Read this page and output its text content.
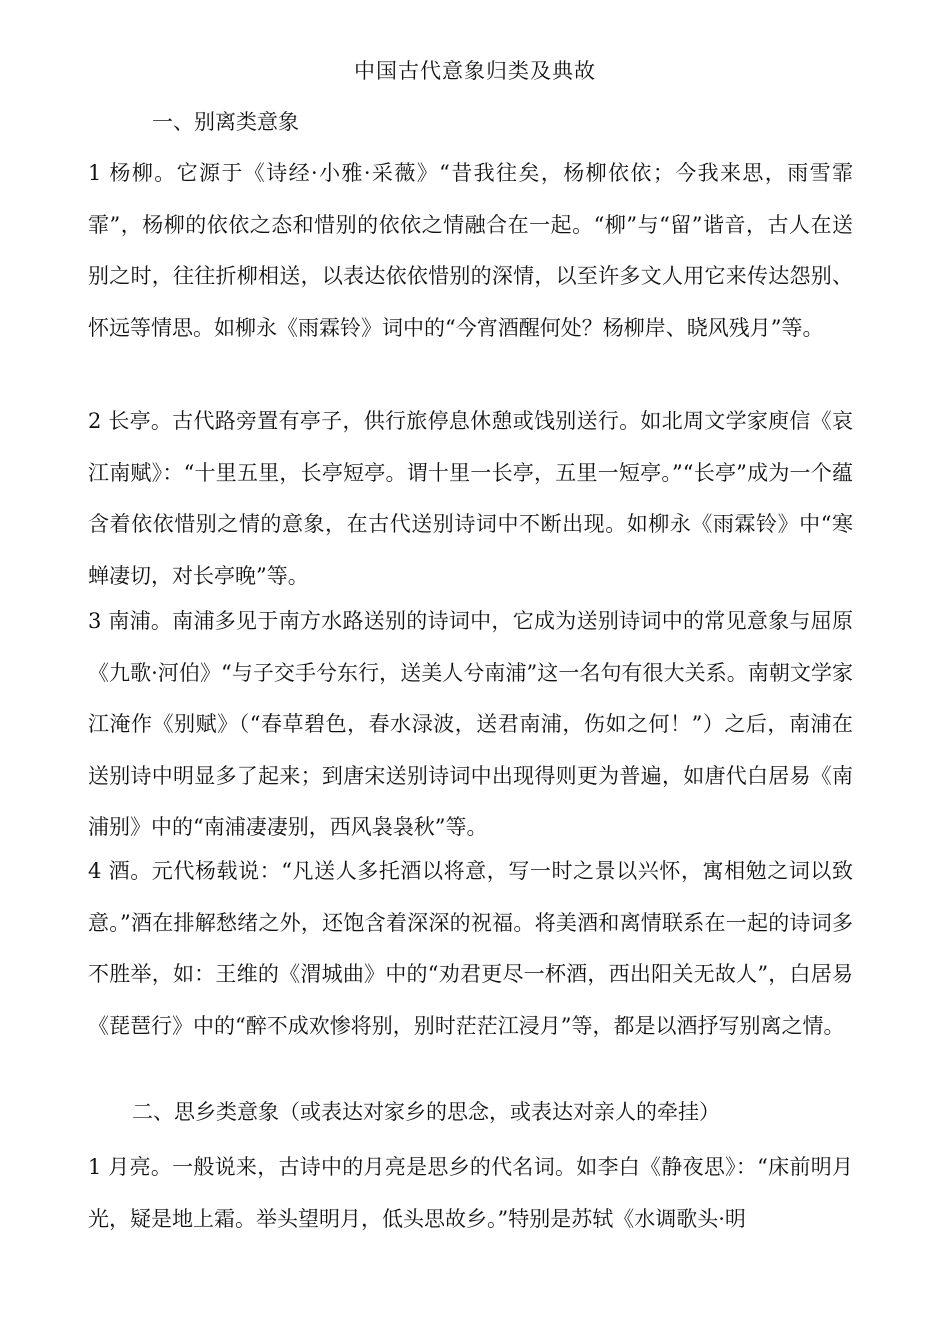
中国古代意象归类及典故
一、别离类意象
1 杨柳。它源于《诗经·小雅·采薇》“昔我往矣，杨柳依依；今我来思，雨雪霏霏”，杨柳的依依之态和惜别的依依之情融合在一起。“柳”与“留”谐音，古人在送别之时，往往折柳相送，以表达依依惜别的深情，以至许多文人用它来传达怨别、怀远等情思。如柳永《雨霖铃》词中的“今宵酒醒何处？杨柳岸、晓风残月”等。
2 长亭。古代路旁置有亭子，供行旅停息休憩或饯别送行。如北周文学家庾信《哀江南赋》：“十里五里，长亭短亭。谓十里一长亭，五里一短亭。”“长亭”成为一个蕴含着依依惜别之情的意象，在古代送别诗词中不断出现。如柳永《雨霖铃》中“寒蝉凄切，对长亭晚”等。
3 南浦。南浦多见于南方水路送别的诗词中，它成为送别诗词中的常见意象与屈原《九歌·河伯》“与子交手兮东行，送美人兮南浦”这一名句有很大关系。南朝文学家江淹作《别赋》（“春草碧色，春水渌波，送君南浦，伤如之何！”）之后，南浦在送别诗中明显多了起来；到唐宋送别诗词中出现得则更为普遍，如唐代白居易《南浦别》中的“南浦凄凄别，西风袅袅秋”等。
4 酒。元代杨载说：“凡送人多托酒以将意，写一时之景以兴怀，寓相勉之词以致意。”酒在排解愁绪之外，还饱含着深深的祝福。将美酒和离情联系在一起的诗词多不胜举，如：王维的《渭城曲》中的“劝君更尽一杯酒，西出阳关无故人”，白居易《琵琶行》中的“醉不成欢惨将别，别时茫茫江浸月”等，都是以酒抒写别离之情。
二、思乡类意象（或表达对家乡的思念，或表达对亲人的牵挂）
1 月亮。一般说来，古诗中的月亮是思乡的代名词。如李白《静夜思》：“床前明月光，疑是地上霜。举头望明月，低头思故乡。”特别是苏轼《水调歌头·明
